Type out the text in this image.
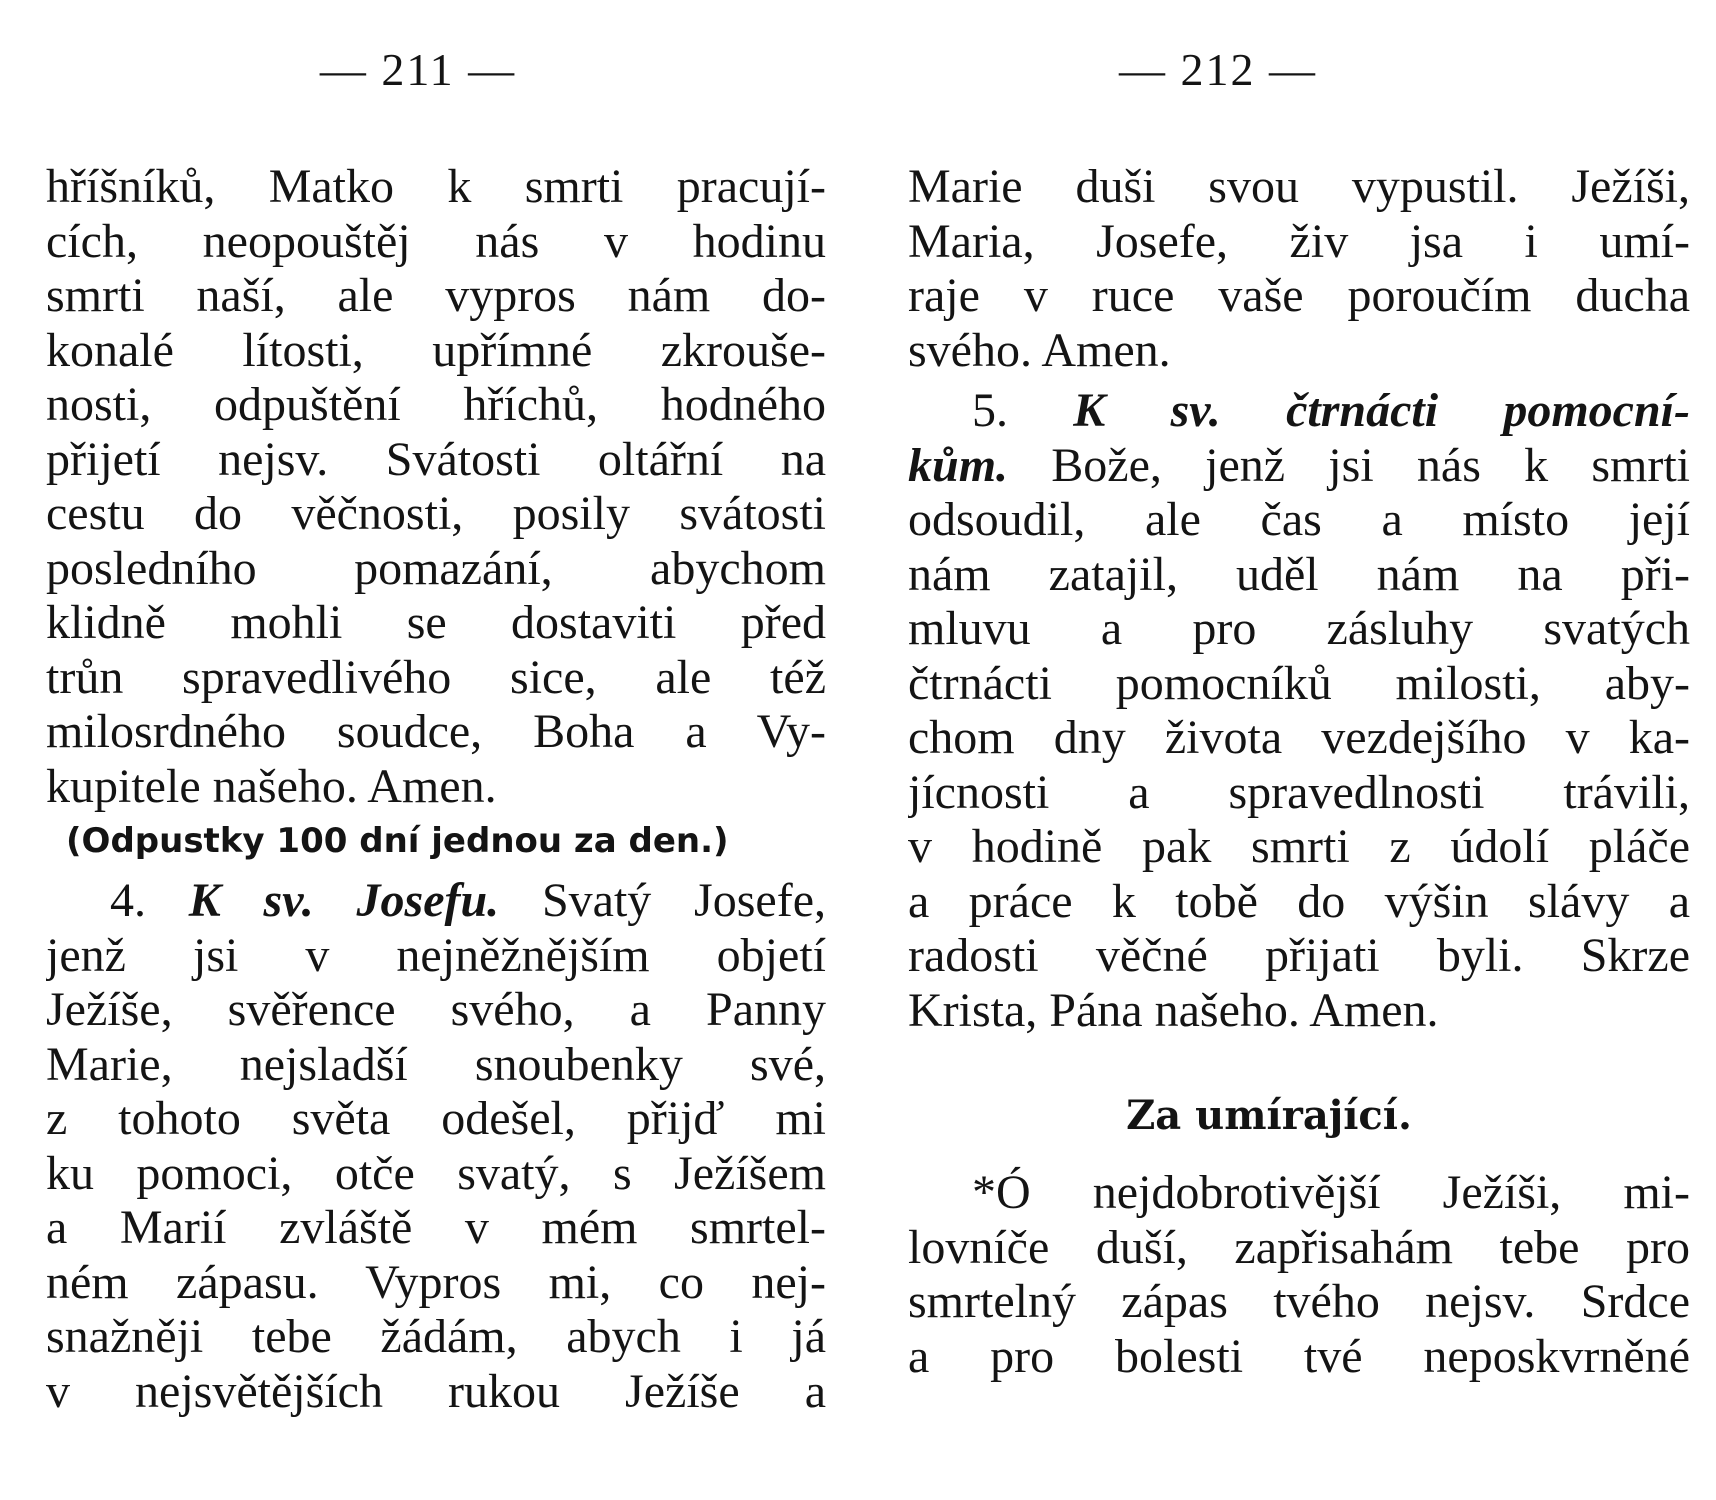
— 211 —
hříšníků, Matko k smrti pracují-
cích, neopouštěj nás v hodinu
smrti naší, ale vypros nám do-
konalé lítosti, upřímné zkrouše-
nosti, odpuštění hříchů, hodného
přijetí nejsv. Svátosti oltářní na
cestu do věčnosti, posily svátosti
posledního pomazání, abychom
klidně mohli se dostaviti před
trůn spravedlivého sice, ale též
milosrdného soudce, Boha a Vy-
kupitele našeho. Amen.
(Odpustky 100 dní jednou za den.)
4. K sv. Josefu. Svatý Josefe,
jenž jsi v nejněžnějším objetí
Ježíše, svěřence svého, a Panny
Marie, nejsladší snoubenky své,
z tohoto světa odešel, přijď mi
ku pomoci, otče svatý, s Ježíšem
a Marií zvláště v mém smrtel-
ném zápasu. Vypros mi, co nej-
snažněji tebe žádám, abych i já
v nejsvětějších rukou Ježíše a
— 212 —
Marie duši svou vypustil. Ježíši,
Maria, Josefe, živ jsa i umí-
raje v ruce vaše poroučím ducha
svého. Amen.
5. K sv. čtrnácti pomocní-
kům. Bože, jenž jsi nás k smrti
odsoudil, ale čas a místo její
nám zatajil, uděl nám na při-
mluvu a pro zásluhy svatých
čtrnácti pomocníků milosti, aby-
chom dny života vezdejšího v ka-
jícnosti a spravedlnosti trávili,
v hodině pak smrti z údolí pláče
a práce k tobě do výšin slávy a
radosti věčné přijati byli. Skrze
Krista, Pána našeho. Amen.
Za umírající.
*Ó nejdobrotivější Ježíši, mi-
lovníče duší, zapřisahám tebe pro
smrtelný zápas tvého nejsv. Srdce
a pro bolesti tvé neposkvrněné
